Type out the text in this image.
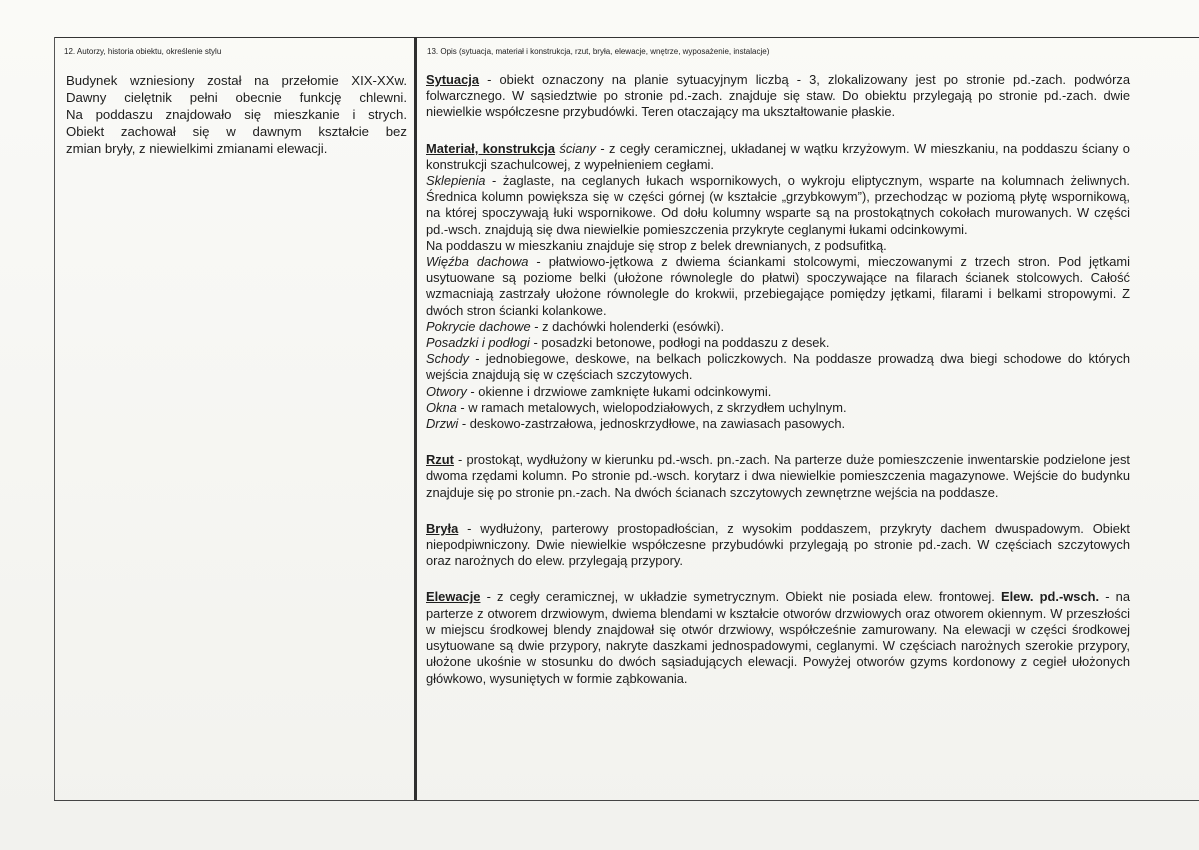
12. Autorzy, historia obiektu, określenie stylu	13. Opis (sytuacja, materiał i konstrukcja, rzut, bryła, elewacje, wnętrze, wyposażenie, instalacje)
Budynek wzniesiony został na przełomie XIX-XXw.
Dawny cielętnik pełni obecnie funkcję chlewni.
Na poddaszu znajdowało się mieszkanie i strych.
Obiekt zachował się w dawnym kształcie bez
zmian bryły, z niewielkimi zmianami elewacji.

Sytuacja - obiekt oznaczony na planie sytuacyjnym liczbą - 3, zlokalizowany jest po stronie pd.-zach. podwórza folwarcznego. W sąsiedztwie po stronie pd.-zach. znajduje się staw. Do obiektu przylegają po stronie pd.-zach. dwie niewielkie współczesne przybudówki. Teren otaczający ma ukształtowanie płaskie.

Materiał, konstrukcja ściany - z cegły ceramicznej, układanej w wątku krzyżowym. W mieszkaniu, na poddaszu ściany o konstrukcji szachulcowej, z wypełnieniem cegłami.

Sklepienia - żaglaste, na ceglanych łukach wspornikowych, o wykroju eliptycznym, wsparte na kolumnach żeliwnych. Średnica kolumn powiększa się w części górnej (w kształcie „grzybkowym”), przechodząc w poziomą płytę wspornikową, na której spoczywają łuki wspornikowe. Od dołu kolumny wsparte są na prostokątnych cokołach murowanych. W części pd.-wsch. znajdują się dwa niewielkie pomieszczenia przykryte ceglanymi łukami odcinkowymi.

Na poddaszu w mieszkaniu znajduje się strop z belek drewnianych, z podsufitką.

Więźba dachowa - płatwiowo-jętkowa z dwiema ściankami stolcowymi, mieczowanymi z trzech stron. Pod jętkami usytuowane są poziome belki (ułożone równolegle do płatwi) spoczywające na filarach ścianek stolcowych. Całość wzmacniają zastrzały ułożone równolegle do krokwii, przebiegające pomiędzy jętkami, filarami i belkami stropowymi. Z dwóch stron ścianki kolankowe.

Pokrycie dachowe - z dachówki holenderki (esówki).

Posadzki i podłogi - posadzki betonowe, podłogi na poddaszu z desek.

Schody - jednobiegowe, deskowe, na belkach policzkowych. Na poddasze prowadzą dwa biegi schodowe do których wejścia znajdują się w częściach szczytowych.

Otwory - okienne i drzwiowe zamknięte łukami odcinkowymi.

Okna - w ramach metalowych, wielopodziałowych, z skrzydłem uchylnym.

Drzwi - deskowo-zastrzałowa, jednoskrzydłowe, na zawiasach pasowych.

Rzut - prostokąt, wydłużony w kierunku pd.-wsch. pn.-zach. Na parterze duże pomieszczenie inwentarskie podzielone jest dwoma rzędami kolumn. Po stronie pd.-wsch. korytarz i dwa niewielkie pomieszczenia magazynowe. Wejście do budynku znajduje się po stronie pn.-zach. Na dwóch ścianach szczytowych zewnętrzne wejścia na poddasze.

Bryła - wydłużony, parterowy prostopadłościan, z wysokim poddaszem, przykryty dachem dwuspadowym. Obiekt niepodpiwniczony. Dwie niewielkie współczesne przybudówki przylegają po stronie pd.-zach. W częściach szczytowych oraz narożnych do elew. przylegają przypory.

Elewacje - z cegły ceramicznej, w układzie symetrycznym. Obiekt nie posiada elew. frontowej. Elew. pd.-wsch. - na parterze z otworem drzwiowym, dwiema blendami w kształcie otworów drzwiowych oraz otworem okiennym. W przeszłości w miejscu środkowej blendy znajdował się otwór drzwiowy, współcześnie zamurowany. Na elewacji w części środkowej usytuowane są dwie przypory, nakryte daszkami jednospadowymi, ceglanymi. W częściach narożnych szerokie przypory, ułożone ukośnie w stosunku do dwóch sąsiadujących elewacji. Powyżej otworów gzyms kordonowy z cegieł ułożonych główkowo, wysuniętych w formie ząbkowania.
